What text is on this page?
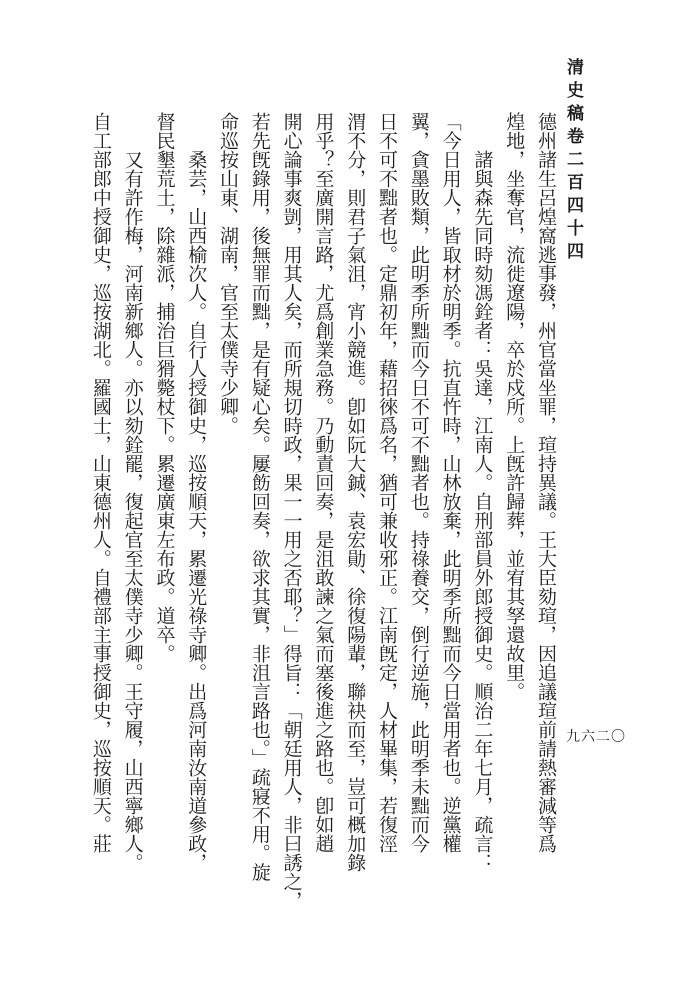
清史稿卷二百四十四
九六二〇
德州諸生呂煌窩逃事發，州官當坐罪，瑄持異議。王大臣劾瑄，因追議瑄前請熱審減等爲
煌地，坐奪官，流徙遼陽，卒於戍所。上旣許歸葬，並宥其孥還故里。
諸與森先同時劾馮銓者：吳達，江南人。自刑部員外郎授御史。順治二年七月，疏言：
「今日用人，皆取材於明季。抗直忤時，山林放棄，此明季所黜而今日當用者也。逆黨權
翼，貪墨敗類，此明季所黜而今日不可不黜者也。持祿養交，倒行逆施，此明季未黜而今
日不可不黜者也。定鼎初年，藉招徠爲名，猶可兼收邪正。江南旣定，人材畢集，若復涇
渭不分，則君子氣沮，宵小競進。卽如阮大鋮、袁宏勛、徐復陽輩，聯袂而至，豈可概加錄
用乎？至廣開言路，尤爲創業急務。乃動責回奏，是沮敢諫之氣而塞後進之路也。卽如趙
開心論事爽剴，用其人矣，而所規切時政，果一一用之否耶？」得旨：「朝廷用人，非曰誘之，
若先旣錄用，後無罪而黜，是有疑心矣。屢飭回奏，欲求其實，非沮言路也。」疏寢不用。旋
命巡按山東、湖南，官至太僕寺少卿。
桑芸，山西榆次人。自行人授御史，巡按順天，累遷光祿寺卿。出爲河南汝南道參政，
督民墾荒土，除雜派，捕治巨猾斃杖下。累遷廣東左布政。道卒。
又有許作梅，河南新鄉人。亦以劾銓罷，復起官至太僕寺少卿。王守履，山西寧鄉人。
自工部郎中授御史，巡按湖北。羅國士，山東德州人。自禮部主事授御史，巡按順天。莊
